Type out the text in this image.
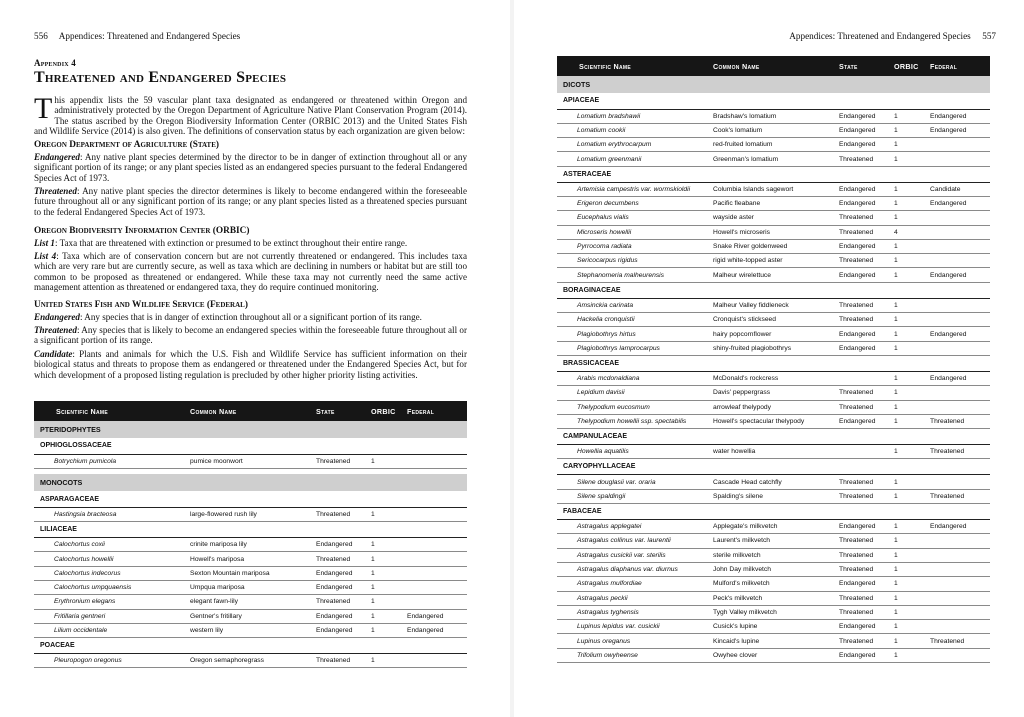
556 Appendices: Threatened and Endangered Species
Appendix 4
Threatened and Endangered Species
This appendix lists the 59 vascular plant taxa designated as endangered or threatened within Oregon and administratively protected by the Oregon Department of Agriculture Native Plant Conservation Program (2014). The status ascribed by the Oregon Biodiversity Information Center (ORBIC 2013) and the United States Fish and Wildlife Service (2014) is also given. The definitions of conservation status by each organization are given below:
Oregon Department of Agriculture (State)
Endangered: Any native plant species determined by the director to be in danger of extinction throughout all or any significant portion of its range; or any plant species listed as an endangered species pursuant to the federal Endangered Species Act of 1973.
Threatened: Any native plant species the director determines is likely to become endangered within the foreseeable future throughout all or any significant portion of its range; or any plant species listed as a threatened species pursuant to the federal Endangered Species Act of 1973.
Oregon Biodiversity Information Center (ORBIC)
List 1: Taxa that are threatened with extinction or presumed to be extinct throughout their entire range.
List 4: Taxa which are of conservation concern but are not currently threatened or endangered. This includes taxa which are very rare but are currently secure, as well as taxa which are declining in numbers or habitat but are still too common to be proposed as threatened or endangered. While these taxa may not currently need the same active management attention as threatened or endangered taxa, they do require continued monitoring.
United States Fish and Wildlife Service (Federal)
Endangered: Any species that is in danger of extinction throughout all or a significant portion of its range.
Threatened: Any species that is likely to become an endangered species within the foreseeable future throughout all or a significant portion of its range.
Candidate: Plants and animals for which the U.S. Fish and Wildlife Service has sufficient information on their biological status and threats to propose them as endangered or threatened under the Endangered Species Act, but for which development of a proposed listing regulation is precluded by other higher priority listing activities.
Scientific Name	Common Name	State	ORBIC	Federal
PTERIDOPHYTES				
OPHIOGLOSSACEAE				
Botrychium pumicola	pumice moonwort	Threatened	1	

MONOCOTS				
ASPARAGACEAE				
Hastingsia bracteosa	large-flowered rush lily	Threatened	1	
LILIACEAE				
Calochortus coxii	crinite mariposa lily	Endangered	1	
Calochortus howellii	Howell's mariposa	Threatened	1	
Calochortus indecorus	Sexton Mountain mariposa	Endangered	1	
Calochortus umpquaensis	Umpqua mariposa	Endangered	1	
Erythronium elegans	elegant fawn-lily	Threatened	1	
Fritillaria gentneri	Gentner's fritillary	Endangered	1	Endangered
Lilium occidentale	western lily	Endangered	1	Endangered
POACEAE				
Pleuropogon oregonus	Oregon semaphoregrass	Threatened	1	
Appendices: Threatened and Endangered Species 557
Scientific Name	Common Name	State	ORBIC	Federal
DICOTS				
APIACEAE				
Lomatium bradshawii	Bradshaw's lomatium	Endangered	1	Endangered
Lomatium cookii	Cook's lomatium	Endangered	1	Endangered
Lomatium erythrocarpum	red-fruited lomatium	Endangered	1	
Lomatium greenmanii	Greenman's lomatium	Threatened	1	
ASTERACEAE				
Artemisia campestris var. wormskioldii	Columbia Islands sagewort	Endangered	1	Candidate
Erigeron decumbens	Pacific fleabane	Endangered	1	Endangered
Eucephalus vialis	wayside aster	Threatened	1	
Microseris howellii	Howell's microseris	Threatened	4	
Pyrrocoma radiata	Snake River goldenweed	Endangered	1	
Sericocarpus rigidus	rigid white-topped aster	Threatened	1	
Stephanomeria malheurensis	Malheur wirelettuce	Endangered	1	Endangered
BORAGINACEAE				
Amsinckia carinata	Malheur Valley fiddleneck	Threatened	1	
Hackelia cronquistii	Cronquist's stickseed	Threatened	1	
Plagiobothrys hirtus	hairy popcornflower	Endangered	1	Endangered
Plagiobothrys lamprocarpus	shiny-fruited plagiobothrys	Endangered	1	
BRASSICACEAE				
Arabis mcdonaldiana	McDonald's rockcress		1	Endangered
Lepidium davisii	Davis' peppergrass	Threatened	1	
Thelypodium eucosmum	arrowleaf thelypody	Threatened	1	
Thelypodium howellii ssp. spectabilis	Howell's spectacular thelypody	Endangered	1	Threatened
CAMPANULACEAE				
Howellia aquatilis	water howellia		1	Threatened
CARYOPHYLLACEAE				
Silene douglasii var. oraria	Cascade Head catchfly	Threatened	1	
Silene spaldingii	Spalding's silene	Threatened	1	Threatened
FABACEAE				
Astragalus applegatei	Applegate's milkvetch	Endangered	1	Endangered
Astragalus collinus var. laurentii	Laurent's milkvetch	Threatened	1	
Astragalus cusickii var. sterilis	sterile milkvetch	Threatened	1	
Astragalus diaphanus var. diurnus	John Day milkvetch	Threatened	1	
Astragalus mulfordiae	Mulford's milkvetch	Endangered	1	
Astragalus peckii	Peck's milkvetch	Threatened	1	
Astragalus tyghensis	Tygh Valley milkvetch	Threatened	1	
Lupinus lepidus var. cusickii	Cusick's lupine	Endangered	1	
Lupinus oreganus	Kincaid's lupine	Threatened	1	Threatened
Trifolium owyheense	Owyhee clover	Endangered	1	
